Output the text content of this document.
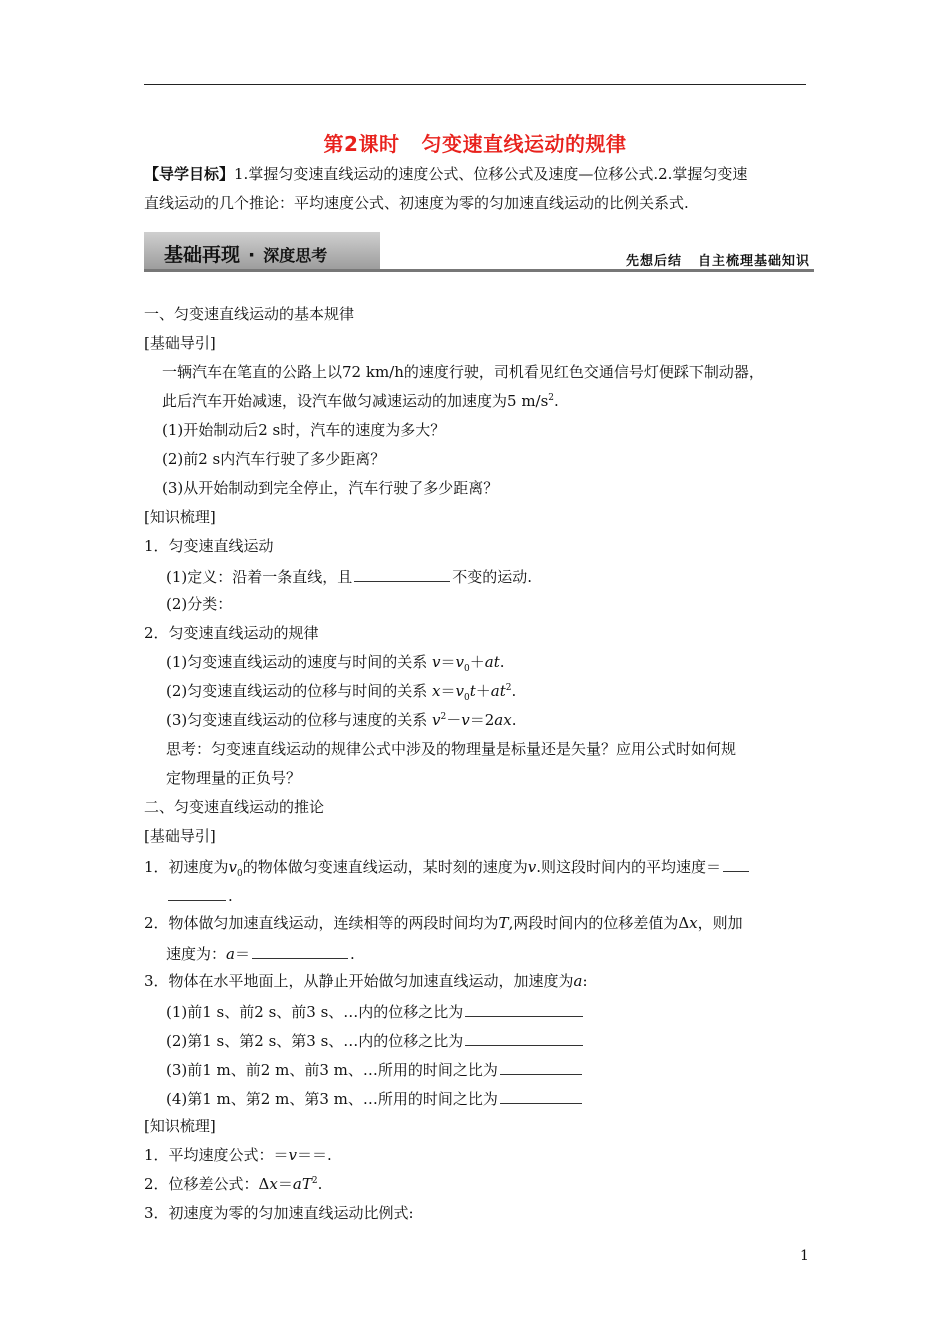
第2课时 匀变速直线运动的规律
【导学目标】1.掌握匀变速直线运动的速度公式、位移公式及速度—位移公式.2.掌握匀变速
直线运动的几个推论：平均速度公式、初速度为零的匀加速直线运动的比例关系式.
基础再现 · 深度思考	先想后结 自主梳理基础知识
一、匀变速直线运动的基本规律
[基础导引]
一辆汽车在笔直的公路上以72 km/h的速度行驶，司机看见红色交通信号灯便踩下制动器，
此后汽车开始减速，设汽车做匀减速运动的加速度为5 $m/s^2$.
(1)开始制动后2 s时，汽车的速度为多大？
(2)前2 s内汽车行驶了多少距离？
(3)从开始制动到完全停止，汽车行驶了多少距离？
[知识梳理]
1．匀变速直线运动
(1)定义：沿着一条直线，且	不变的运动.
(2)分类：
2．匀变速直线运动的规律
(1)匀变速直线运动的速度与时间的关系 $v=v_0+at$.
(2)匀变速直线运动的位移与时间的关系 $x=v_0t+at^2$.
(3)匀变速直线运动的位移与速度的关系 $v^2-v=2ax$.
思考：匀变速直线运动的规律公式中涉及的物理量是标量还是矢量？应用公式时如何规
定物理量的正负号？
二、匀变速直线运动的推论
[基础导引]
1．初速度为$v_0$的物体做匀变速直线运动，某时刻的速度为v.则这段时间内的平均速度＝
.
2．物体做匀加速直线运动，连续相等的两段时间均为T,两段时间内的位移差值为Δx，则加
速度为：a＝	.
3．物体在水平地面上，从静止开始做匀加速直线运动，加速度为a:
(1)前1 s、前2 s、前3 s、…内的位移之比为
(2)第1 s、第2 s、第3 s、…内的位移之比为
(3)前1 m、前2 m、前3 m、…所用的时间之比为
(4)第1 m、第2 m、第3 m、…所用的时间之比为
[知识梳理]
1．平均速度公式：＝v＝＝.
2．位移差公式：$\Delta x=aT^2$.
3．初速度为零的匀加速直线运动比例式:
1
